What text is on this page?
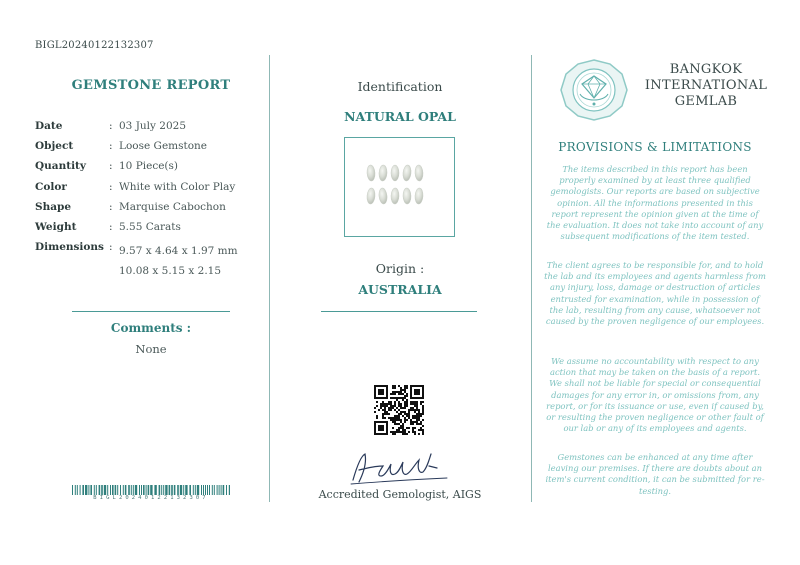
BIGL20240122132307
GEMSTONE REPORT
Date	: 03 July 2025
Object	: Loose Gemstone
Quantity : 10 Piece(s)
Color	: White with Color Play
Shape	: Marquise Cabochon
Weight	: 5.55 Carats
Dimensions : 9.57 x 4.64 x 1.97 mm
10.08 x 5.15 x 2.15
Comments :
None
BIGL20240122132307
Identification
NATURAL OPAL
Origin :
AUSTRALIA
Accredited Gemologist, AIGS
BANGKOK
INTERNATIONAL
GEMLAB
PROVISIONS & LIMITATIONS
The items described in this report has been properly examined by at least three qualified gemologists. Our reports are based on subjective opinion. All the informations presented in this report represent the opinion given at the time of the evaluation. It does not take into account of any subsequent modifications of the item tested.
The client agrees to be responsible for, and to hold the lab and its employees and agents harmless from any injury, loss, damage or destruction of articles entrusted for examination, while in possession of the lab, resulting from any cause, whatsoever not caused by the proven negligence of our employees.
We assume no accountability with respect to any action that may be taken on the basis of a report. We shall not be liable for special or consequential damages for any error in, or omissions from, any report, or for its issuance or use, even if caused by, or resulting the proven negligence or other fault of our lab or any of its employees and agents.
Gemstones can be enhanced at any time after leaving our premises. If there are doubts about an item's current condition, it can be submitted for re-testing.
